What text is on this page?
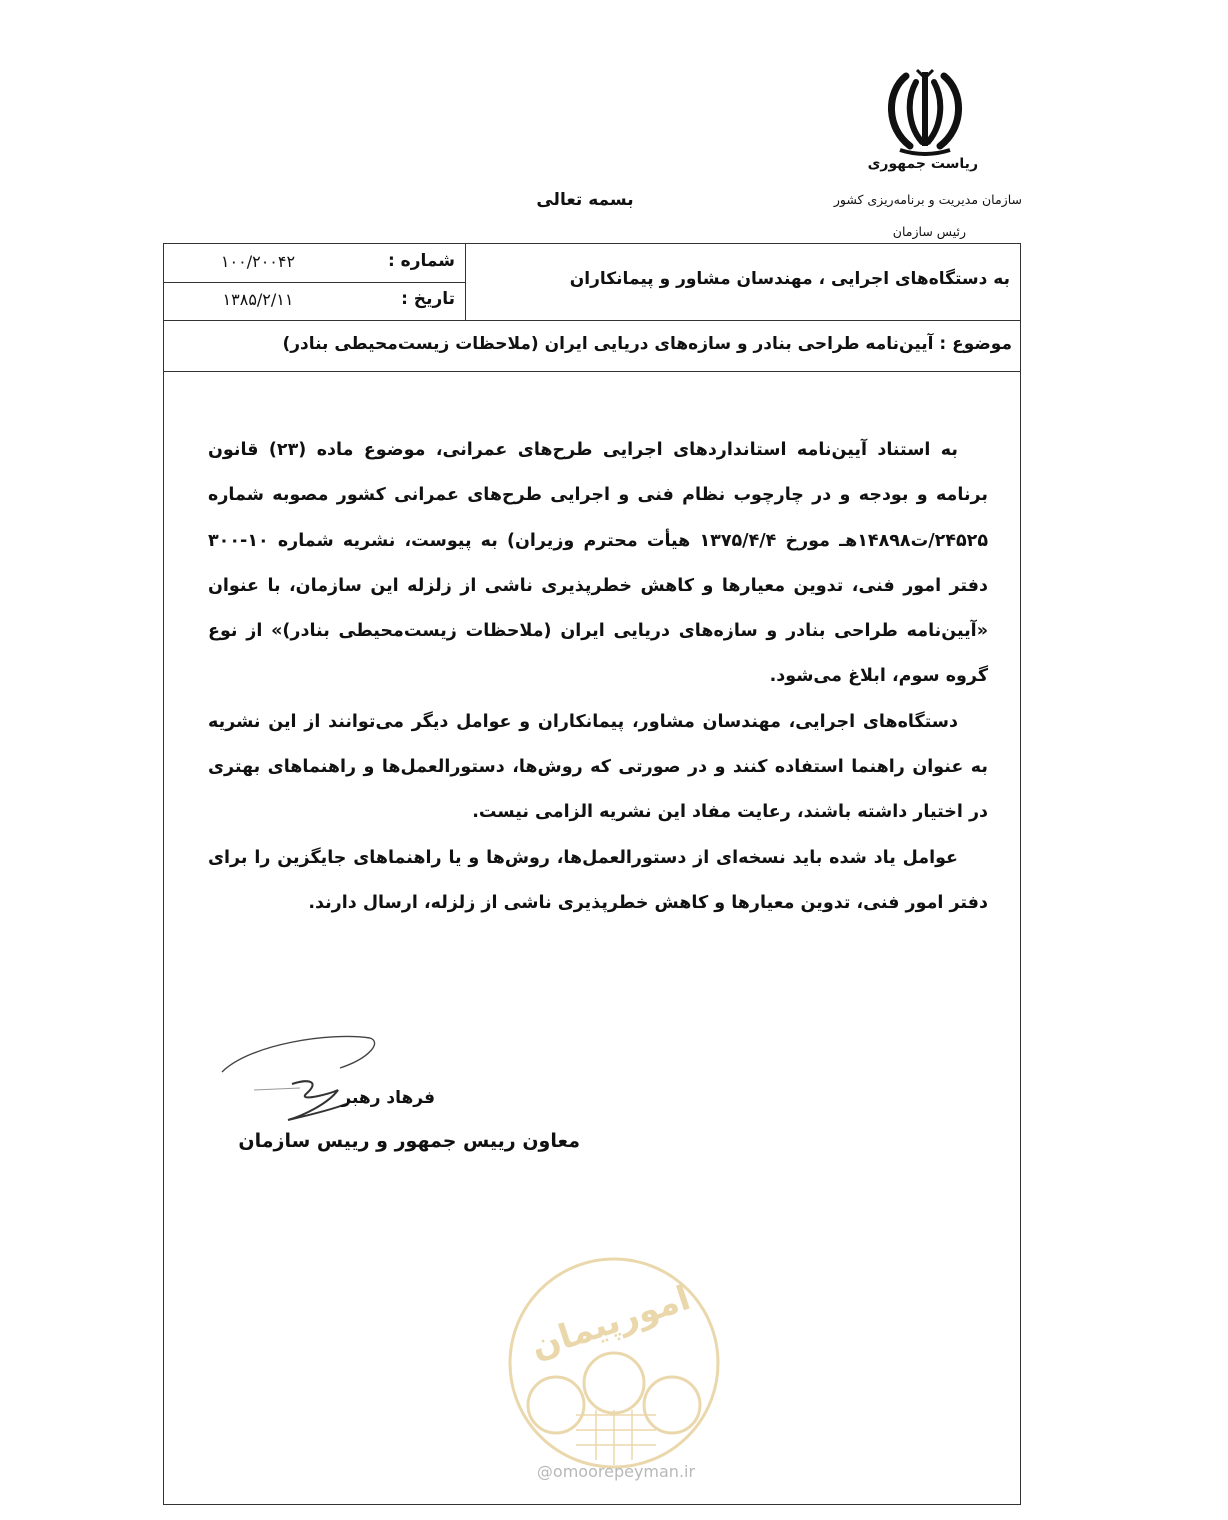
ریاست جمهوری
سازمان مدیریت و برنامه‌ریزی کشور
رئیس سازمان
بسمه تعالی
شماره :
۱۰۰/۲۰۰۴۲
تاریخ :
۱۳۸۵/۲/۱۱
به دستگاه‌های اجرایی ، مهندسان مشاور و پیمانکاران
موضوع : آیین‌نامه طراحی بنادر و سازه‌های دریایی ایران (ملاحظات زیست‌محیطی بنادر)

به استناد آیین‌نامه استانداردهای اجرایی طرح‌های عمرانی، موضوع ماده (۲۳) قانون برنامه و بودجه و در چارچوب نظام فنی و اجرایی طرح‌های عمرانی کشور مصوبه شماره ۲۴۵۲۵/ت۱۴۸۹۸هـ مورخ ۱۳۷۵/۴/۴ هیأت محترم وزیران) به پیوست، نشریه شماره ۱۰-۳۰۰ دفتر امور فنی، تدوین معیارها و کاهش خطرپذیری ناشی از زلزله این سازمان، با عنوان «آیین‌نامه طراحی بنادر و سازه‌های دریایی ایران (ملاحظات زیست‌محیطی بنادر)» از نوع گروه سوم، ابلاغ می‌شود.

دستگاه‌های اجرایی، مهندسان مشاور، پیمانکاران و عوامل دیگر می‌توانند از این نشریه به عنوان راهنما استفاده کنند و در صورتی که روش‌ها، دستورالعمل‌ها و راهنماهای بهتری در اختیار داشته باشند، رعایت مفاد این نشریه الزامی نیست.

عوامل یاد شده باید نسخه‌ای از دستورالعمل‌ها، روش‌ها و یا راهنماهای جایگزین را برای دفتر امور فنی، تدوین معیارها و کاهش خطرپذیری ناشی از زلزله، ارسال دارند.

فرهاد رهبر
معاون رییس جمهور و رییس سازمان
امورپیمان
@omoorepeyman.ir
